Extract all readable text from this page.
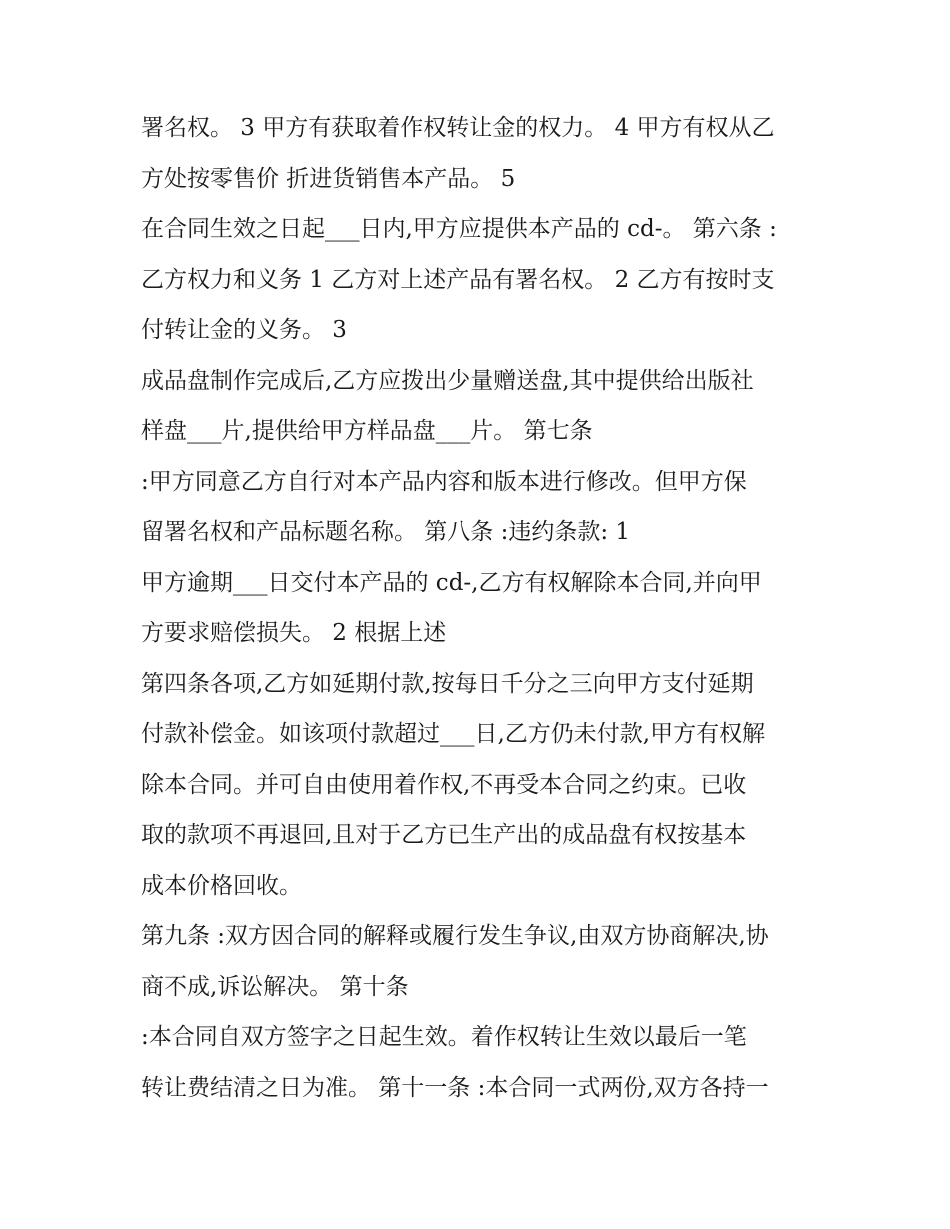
署名权。 3 甲方有获取着作权转让金的权力。 4 甲方有权从乙
方处按零售价 折进货销售本产品。 5
在合同生效之日起___日内,甲方应提供本产品的 cd-。 第六条 :
乙方权力和义务 1 乙方对上述产品有署名权。 2 乙方有按时支
付转让金的义务。 3
成品盘制作完成后,乙方应拨出少量赠送盘,其中提供给出版社
样盘___片,提供给甲方样品盘___片。 第七条
:甲方同意乙方自行对本产品内容和版本进行修改。但甲方保
留署名权和产品标题名称。 第八条 :违约条款: 1
甲方逾期___日交付本产品的 cd-,乙方有权解除本合同,并向甲
方要求赔偿损失。 2 根据上述
第四条各项,乙方如延期付款,按每日千分之三向甲方支付延期
付款补偿金。如该项付款超过___日,乙方仍未付款,甲方有权解
除本合同。并可自由使用着作权,不再受本合同之约束。已收
取的款项不再退回,且对于乙方已生产出的成品盘有权按基本
成本价格回收。
第九条 :双方因合同的解释或履行发生争议,由双方协商解决,协
商不成,诉讼解决。 第十条
:本合同自双方签字之日起生效。着作权转让生效以最后一笔
转让费结清之日为准。 第十一条 :本合同一式两份,双方各持一
